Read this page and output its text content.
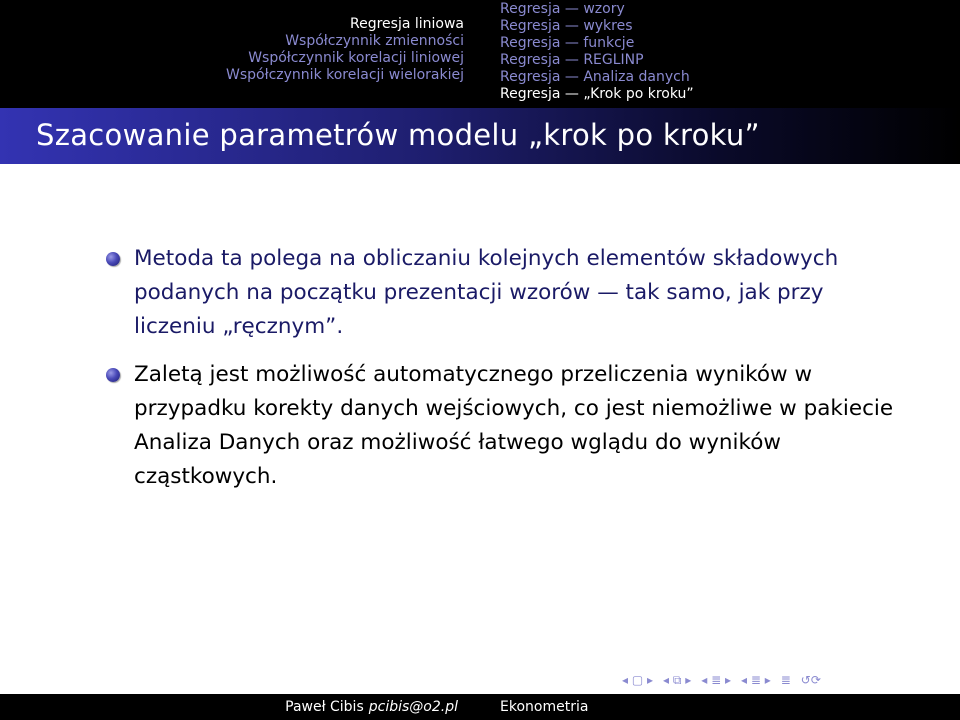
Regresja liniowa
Współczynnik zmienności
Współczynnik korelacji liniowej
Współczynnik korelacji wielorakiej
Regresja — wzory
Regresja — wykres
Regresja — funkcje
Regresja — REGLINP
Regresja — Analiza danych
Regresja — „Krok po kroku”
Szacowanie parametrów modelu „krok po kroku”
Metoda ta polega na obliczaniu kolejnych elementów składowych podanych na początku prezentacji wzorów — tak samo, jak przy liczeniu „ręcznym”.
Zaletą jest możliwość automatycznego przeliczenia wyników w przypadku korekty danych wejściowych, co jest niemożliwe w pakiecie Analiza Danych oraz możliwość łatwego wglądu do wyników cząstkowych.
◂ ▢ ▸ ◂ ⧉ ▸ ◂ ≣ ▸ ◂ ≣ ▸ ≣ ↺⟳
Paweł Cibis pcibis@o2.pl	Ekonometria
